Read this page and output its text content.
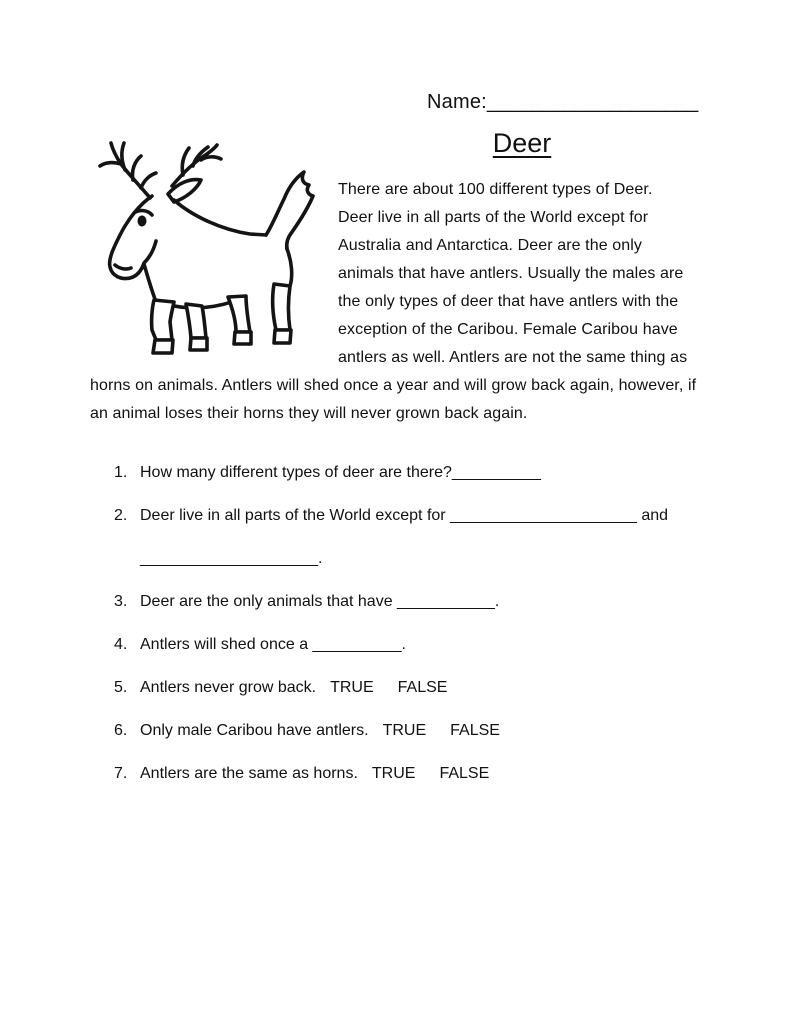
Name:___________________
Deer
There are about 100 different types of Deer.
Deer live in all parts of the World except for
Australia and Antarctica. Deer are the only
animals that have antlers. Usually the males are
the only types of deer that have antlers with the
exception of the Caribou. Female Caribou have
antlers as well. Antlers are not the same thing as
horns on animals. Antlers will shed once a year and will grow back again, however, if
an animal loses their horns they will never grown back again.
1. How many different types of deer are there?__________
2. Deer live in all parts of the World except for _____________________ and
____________________.
3. Deer are the only animals that have ___________.
4. Antlers will shed once a __________.
5. Antlers never grow back. TRUE FALSE
6. Only male Caribou have antlers. TRUE FALSE
7. Antlers are the same as horns. TRUE FALSE
